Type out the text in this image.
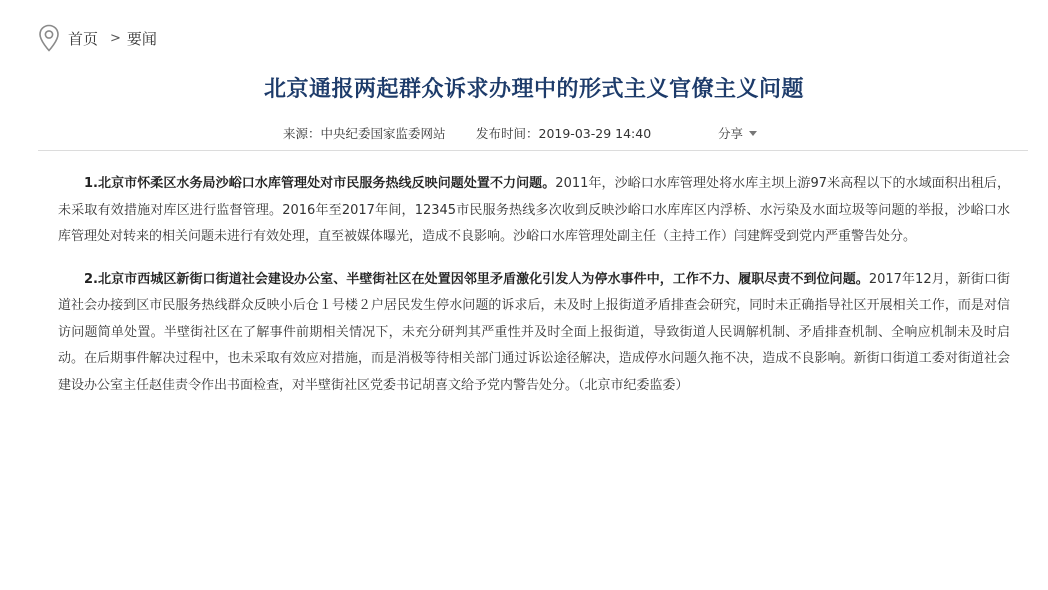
首页 > 要闻
北京通报两起群众诉求办理中的形式主义官僚主义问题
来源：中央纪委国家监委网站 发布时间：2019-03-29 14:40	分享

1.北京市怀柔区水务局沙峪口水库管理处对市民服务热线反映问题处置不力问题。2011年，沙峪口水库管理处将水库主坝上游97米高程以下的水域面积出租后，未采取有效措施对库区进行监督管理。2016年至2017年间，12345市民服务热线多次收到反映沙峪口水库库区内浮桥、水污染及水面垃圾等问题的举报，沙峪口水库管理处对转来的相关问题未进行有效处理，直至被媒体曝光，造成不良影响。沙峪口水库管理处副主任（主持工作）闫建辉受到党内严重警告处分。

2.北京市西城区新街口街道社会建设办公室、半壁街社区在处置因邻里矛盾激化引发人为停水事件中，工作不力、履职尽责不到位问题。2017年12月，新街口街道社会办接到区市民服务热线群众反映小后仓１号楼２户居民发生停水问题的诉求后，未及时上报街道矛盾排查会研究，同时未正确指导社区开展相关工作，而是对信访问题简单处置。半壁街社区在了解事件前期相关情况下，未充分研判其严重性并及时全面上报街道，导致街道人民调解机制、矛盾排查机制、全响应机制未及时启动。在后期事件解决过程中，也未采取有效应对措施，而是消极等待相关部门通过诉讼途径解决，造成停水问题久拖不决，造成不良影响。新街口街道工委对街道社会建设办公室主任赵佳责令作出书面检查，对半壁街社区党委书记胡喜文给予党内警告处分。（北京市纪委监委）
